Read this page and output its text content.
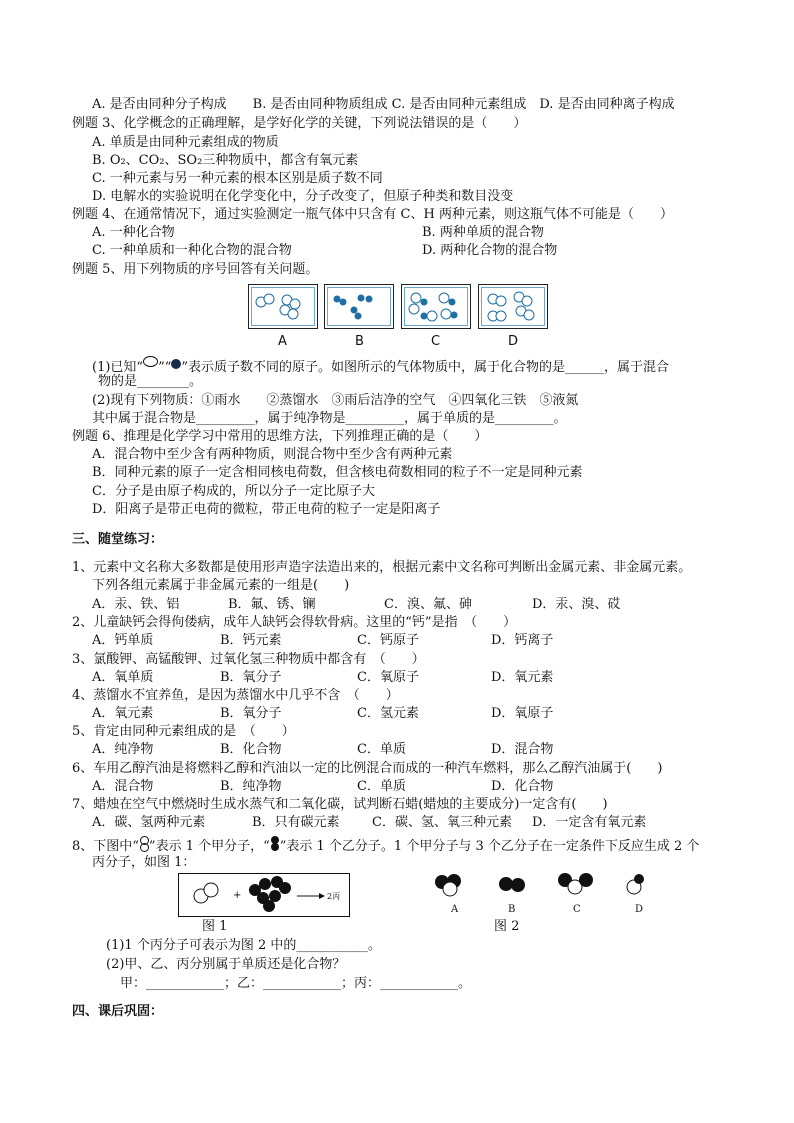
A. 是否由同种分子构成　　B. 是否由同种物质组成 C. 是否由同种元素组成　D. 是否由同种离子构成
例题 3、化学概念的正确理解，是学好化学的关键，下列说法错误的是（　　）
A. 单质是由同种元素组成的物质
B. O₂、CO₂、SO₂三种物质中，都含有氧元素
C. 一种元素与另一种元素的根本区别是质子数不同
D. 电解水的实验说明在化学变化中，分子改变了，但原子种类和数目没变
例题 4、在通常情况下，通过实验测定一瓶气体中只含有 C、H 两种元素，则这瓶气体不可能是（　　）
A. 一种化合物	B. 两种单质的混合物
C. 一种单质和一种化合物的混合物	D. 两种化合物的混合物
例题 5、用下列物质的序号回答有关问题。
A	B	C	D
(1)已知“ ”“ ”表示质子数不同的原子。如图所示的气体物质中，属于化合物的是______，属于混合
物的是________。
(2)现有下列物质：①雨水　　②蒸馏水　③雨后洁净的空气　④四氧化三铁　⑤液氮
其中属于混合物是_________，属于纯净物是_________，属于单质的是_________。
例题 6、推理是化学学习中常用的思维方法，下列推理正确的是（　　）
A．混合物中至少含有两种物质，则混合物中至少含有两种元素
B．同种元素的原子一定含相同核电荷数，但含核电荷数相同的粒子不一定是同种元素
C．分子是由原子构成的，所以分子一定比原子大
D．阳离子是带正电荷的微粒，带正电荷的粒子一定是阳离子
三、随堂练习：
1、元素中文名称大多数都是使用形声造字法造出来的，根据元素中文名称可判断出金属元素、非金属元素。
下列各组元素属于非金属元素的一组是(　　)
A．汞、铁、铝	B．氟、锈、镧	C．溴、氟、砷	D．汞、溴、砹
2、儿童缺钙会得佝偻病，成年人缺钙会得软骨病。这里的“钙”是指　（　　）
A．钙单质	B．钙元素	C．钙原子	D．钙离子
3、氯酸钾、高锰酸钾、过氧化氢三种物质中都含有　（　　）
A．氧单质	B．氧分子	C．氧原子	D．氧元素
4、蒸馏水不宜养鱼，是因为蒸馏水中几乎不含　（　　）
A．氧元素	B．氧分子	C．氢元素	D．氧原子
5、肯定由同种元素组成的是　（　　）
A．纯净物	B．化合物	C．单质	D．混合物
6、车用乙醇汽油是将燃料乙醇和汽油以一定的比例混合而成的一种汽车燃料，那么乙醇汽油属于(　　)
A．混合物	B．纯净物	C．单质	D．化合物
7、蜡烛在空气中燃烧时生成水蒸气和二氧化碳，试判断石蜡(蜡烛的主要成分)一定含有(　　)
A．碳、氢两种元素	B．只有碳元素 C．碳、氢、氧三种元素 D．一定含有氧元素
8、下图中“ ”表示 1 个甲分子，“ ”表示 1 个乙分子。1 个甲分子与 3 个乙分子在一定条件下反应生成 2 个
丙分子，如图 1：
+	2丙
图 1
A	B	C	D
图 2
(1)1 个丙分子可表示为图 2 中的___________。
(2)甲、乙、丙分别属于单质还是化合物？
甲：____________；乙：____________；丙：____________。
四、课后巩固：
